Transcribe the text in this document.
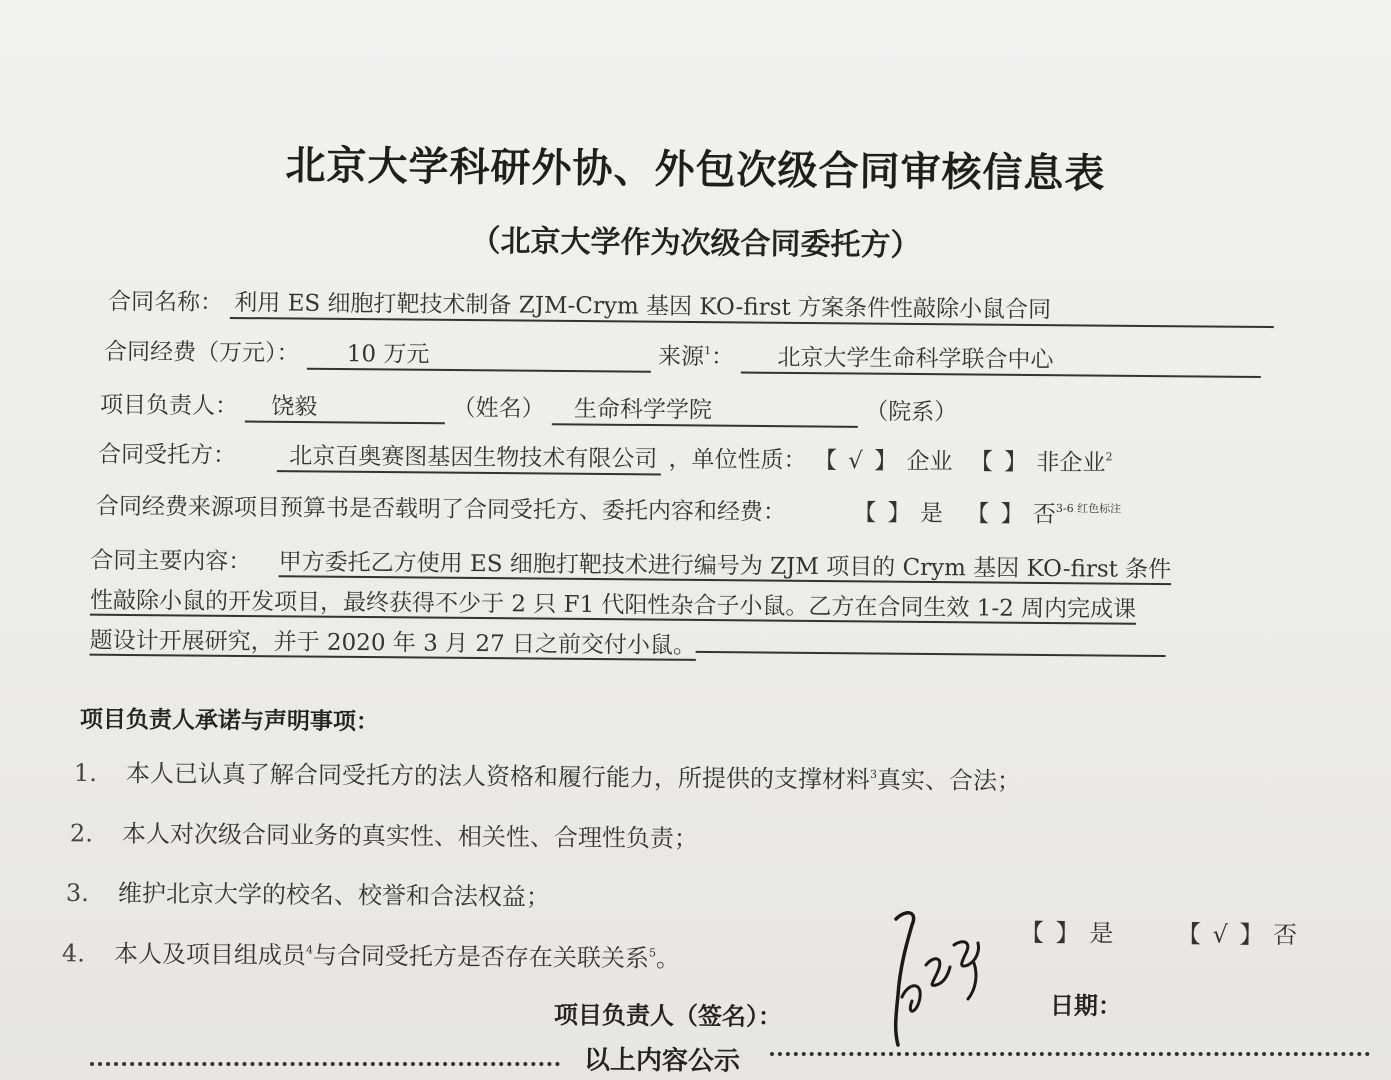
北京大学科研外协、外包次级合同审核信息表
（北京大学作为次级合同委托方）
合同名称： 利用 ES 细胞打靶技术制备 ZJM-Crym 基因 KO-first 方案条件性敲除小鼠合同
合同经费（万元）： 10 万元	来源$^1$： 北京大学生命科学联合中心
项目负责人： 饶毅	（姓名） 生命科学学院	（院系）
合同受托方： 北京百奥赛图基因生物技术有限公司 ，单位性质： 【 √ 】 企业 【 】 非企业$^2$
合同经费来源项目预算书是否载明了合同受托方、委托内容和经费：	【 】 是 【 】 否$^{3-6 红色标注}$
合同主要内容： 甲方委托乙方使用 ES 细胞打靶技术进行编号为 ZJM 项目的 Crym 基因 KO-first 条件
性敲除小鼠的开发项目，最终获得不少于 2 只 F1 代阳性杂合子小鼠。乙方在合同生效 1-2 周内完成课
题设计开展研究，并于 2020 年 3 月 27 日之前交付小鼠。
项目负责人承诺与声明事项：
1. 本人已认真了解合同受托方的法人资格和履行能力，所提供的支撑材料$^3$真实、合法；
2. 本人对次级合同业务的真实性、相关性、合理性负责；
3. 维护北京大学的校名、校誉和合法权益；
4. 本人及项目组成员$^4$与合同受托方是否存在关联关系$^5$。
【 】 是	【 √ 】 否
项目负责人（签名）：	日期：
以上内容公示
